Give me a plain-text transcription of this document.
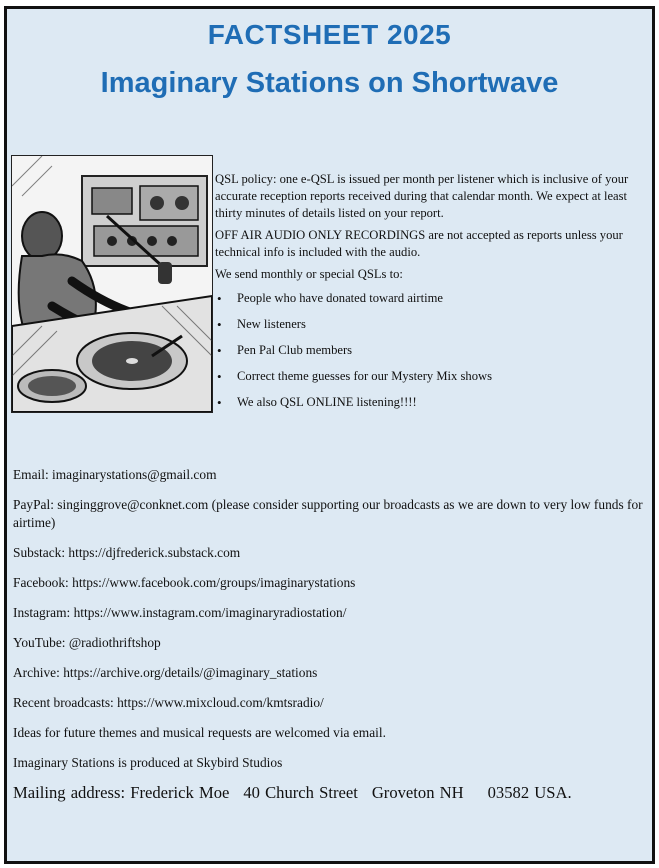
FACTSHEET 2025
Imaginary Stations on Shortwave

QSL policy: one e-QSL is issued per month per listener which is inclusive of your accurate reception reports received during that calendar month. We expect at least thirty minutes of details listed on your report.

OFF AIR AUDIO ONLY RECORDINGS are not accepted as reports unless your technical info is included with the audio.

We send monthly or special QSLs to:

• People who have donated toward airtime
• New listeners
• Pen Pal Club members
• Correct theme guesses for our Mystery Mix shows
• We also QSL ONLINE listening!!!!
Email: imaginarystations@gmail.com
PayPal: singinggrove@conknet.com (please consider supporting our broadcasts as we are down to very low funds for airtime)
Substack: https://djfrederick.substack.com
Facebook: https://www.facebook.com/groups/imaginarystations
Instagram: https://www.instagram.com/imaginaryradiostation/
YouTube: @radiothriftshop
Archive: https://archive.org/details/@imaginary_stations
Recent broadcasts: https://www.mixcloud.com/kmtsradio/
Ideas for future themes and musical requests are welcomed via email.
Imaginary Stations is produced at Skybird Studios
Mailing address: Frederick Moe 40 Church Street Groveton NH 03582 USA.
